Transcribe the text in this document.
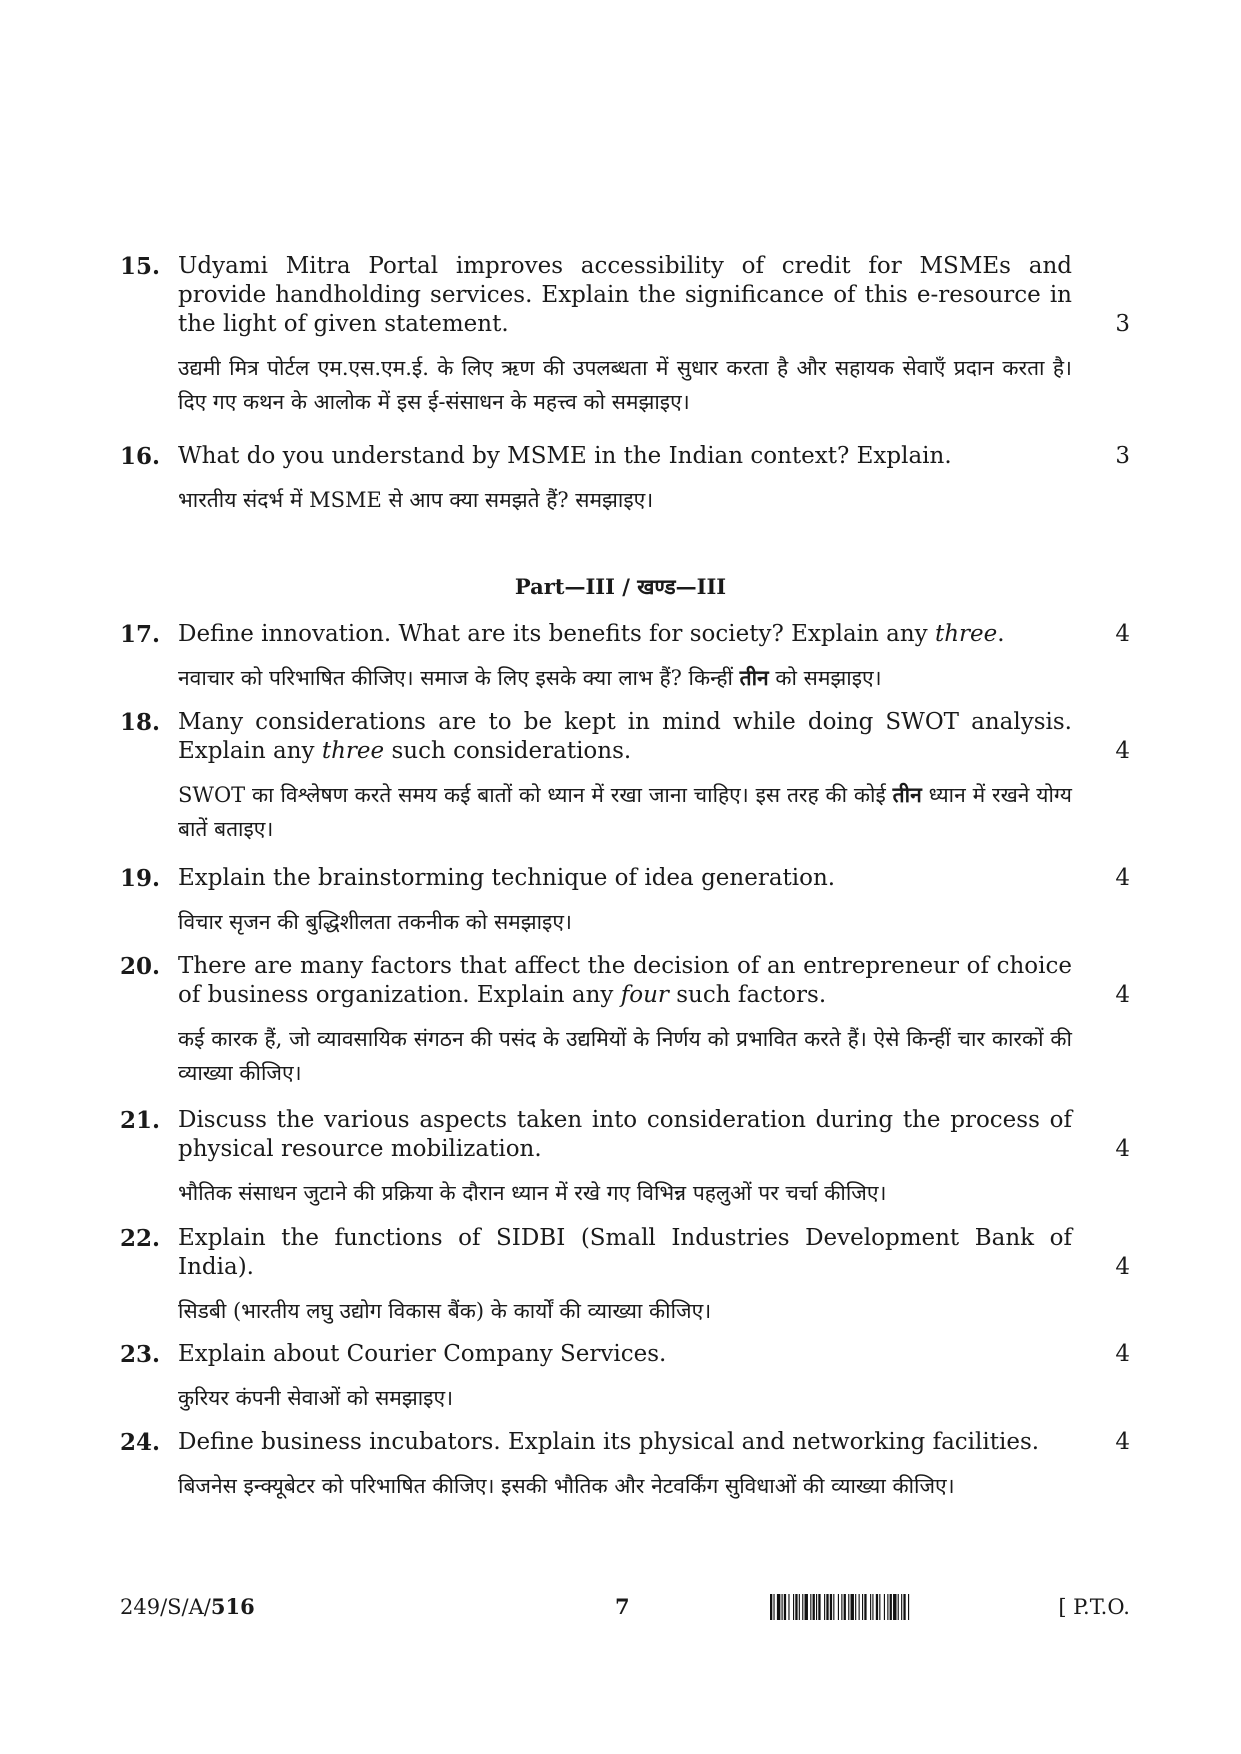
15. Udyami Mitra Portal improves accessibility of credit for MSMEs and provide handholding services. Explain the significance of this e-resource in the light of given statement.
उद्यमी मित्र पोर्टल एम.एस.एम.ई. के लिए ऋण की उपलब्धता में सुधार करता है और सहायक सेवाएँ प्रदान करता है। दिए गए कथन के आलोक में इस ई-संसाधन के महत्त्व को समझाइए।
3
16. What do you understand by MSME in the Indian context? Explain.
भारतीय संदर्भ में MSME से आप क्या समझते हैं? समझाइए।
3
Part—III / खण्ड—III
17. Define innovation. What are its benefits for society? Explain any three.
नवाचार को परिभाषित कीजिए। समाज के लिए इसके क्या लाभ हैं? किन्हीं तीन को समझाइए।
4
18. Many considerations are to be kept in mind while doing SWOT analysis. Explain any three such considerations.
SWOT का विश्लेषण करते समय कई बातों को ध्यान में रखा जाना चाहिए। इस तरह की कोई तीन ध्यान में रखने योग्य बातें बताइए।
4
19. Explain the brainstorming technique of idea generation.
विचार सृजन की बुद्धिशीलता तकनीक को समझाइए।
4
20. There are many factors that affect the decision of an entrepreneur of choice of business organization. Explain any four such factors.
कई कारक हैं, जो व्यावसायिक संगठन की पसंद के उद्यमियों के निर्णय को प्रभावित करते हैं। ऐसे किन्हीं चार कारकों की व्याख्या कीजिए।
4
21. Discuss the various aspects taken into consideration during the process of physical resource mobilization.
भौतिक संसाधन जुटाने की प्रक्रिया के दौरान ध्यान में रखे गए विभिन्न पहलुओं पर चर्चा कीजिए।
4
22. Explain the functions of SIDBI (Small Industries Development Bank of India).
सिडबी (भारतीय लघु उद्योग विकास बैंक) के कार्यों की व्याख्या कीजिए।
4
23. Explain about Courier Company Services.
कुरियर कंपनी सेवाओं को समझाइए।
4
24. Define business incubators. Explain its physical and networking facilities.
बिजनेस इन्क्यूबेटर को परिभाषित कीजिए। इसकी भौतिक और नेटवर्किंग सुविधाओं की व्याख्या कीजिए।
4
249/S/A/516	7	[ P.T.O.
